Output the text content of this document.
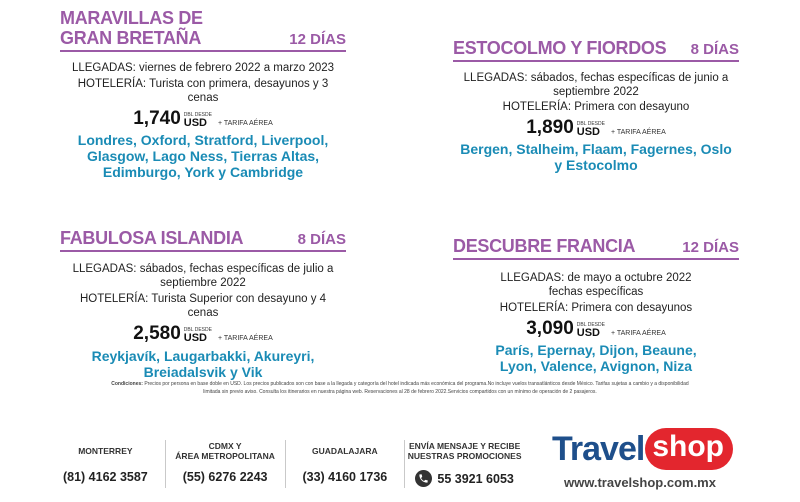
MARAVILLAS DE
GRAN BRETAÑA	12 DÍAS
LLEGADAS: viernes de febrero 2022 a marzo 2023
HOTELERÍA: Turista con primera, desayunos y 3 cenas
1,740 DBL DESDE
USD + TARIFA AÉREA
Londres, Oxford, Stratford, Liverpool, Glasgow, Lago Ness, Tierras Altas, Edimburgo, York y Cambridge
ESTOCOLMO Y FIORDOS 8 DÍAS
LLEGADAS: sábados, fechas específicas de junio a septiembre 2022
HOTELERÍA: Primera con desayuno
1,890 DBL DESDE
USD + TARIFA AÉREA
Bergen, Stalheim, Flaam, Fagernes, Oslo y Estocolmo
FABULOSA ISLANDIA	8 DÍAS
LLEGADAS: sábados, fechas específicas de julio a septiembre 2022
HOTELERÍA: Turista Superior con desayuno y 4 cenas
2,580 DBL DESDE
USD + TARIFA AÉREA
Reykjavík, Laugarbakki, Akureyri, Breiadalsvik y Vik
DESCUBRE FRANCIA	12 DÍAS
LLEGADAS: de mayo a octubre 2022 fechas específicas
HOTELERÍA: Primera con desayunos
3,090 DBL DESDE
USD + TARIFA AÉREA
París, Epernay, Dijon, Beaune, Lyon, Valence, Avignon, Niza
Condiciones: Precios por persona en base doble en USD. Los precios publicados son con base a la llegada y categoría del hotel indicada más económica del programa.No incluye vuelos transatlánticos desde México. Tarifas sujetas a cambio y a disponibilidad limitada sin previo aviso. Consulta los itinerarios en nuestra página web. Reservaciones al 28 de febrero 2022.Servicios compartidos con un mínimo de operación de 2 pasajeros.
MONTERREY
(81) 4162 3587
CDMX Y
ÁREA METROPOLITANA
(55) 6276 2243
GUADALAJARA
(33) 4160 1736
ENVÍA MENSAJE Y RECIBE
NUESTRAS PROMOCIONES
55 3921 6053
Travel shop
www.travelshop.com.mx
